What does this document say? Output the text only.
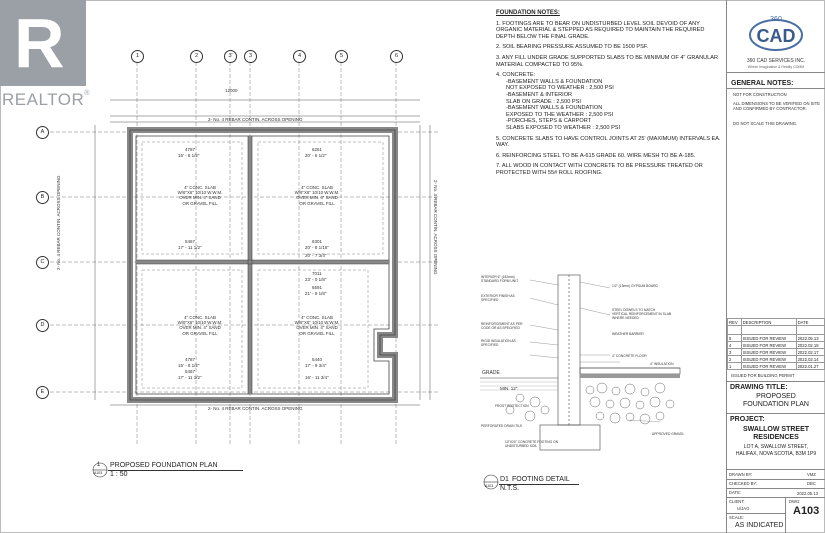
R
REALTOR®
1	2	3'	3	4	5	6
A
B
C
D
E
12000
2- No. 4 REBAR CONTIN. ACROSS OPENING
2- No. 4 REBAR CONTIN. ACROSS OPENING
2- No. 4 REBAR CONTIN. ACROSS OPENING	2- No. 4 REBAR CONTIN. ACROSS OPENING
4787
15' - 8 1/2"
5467
17' - 11 1/2"
6261
20' - 6 1/2"
6301
20' - 8 1/16"
20' - 7 3/4"
4787
15' - 8 1/2"
5467
17' - 11 1/2"
7011
23' - 0 1/8"
6591
21' - 9 1/8"
5440
17' - 9 3/4"
16' - 11 3/4"
4" CONC. SLAB
W/6"X6" 10/10 W.W.M.
OVER MIN. 4" SAND
OR GRAVEL FILL
4" CONC. SLAB
W/6"X6" 10/10 W.W.M.
OVER MIN. 4" SAND
OR GRAVEL FILL
4" CONC. SLAB
W/6"X6" 10/10 W.W.M.
OVER MIN. 4" SAND
OR GRAVEL FILL
4" CONC. SLAB
W/6"X6" 10/10 W.W.M.
OVER MIN. 4" SAND
OR GRAVEL FILL
1
A103
PROPOSED FOUNDATION PLAN
1 : 50
FOUNDATION NOTES:
1. FOOTINGS ARE TO BEAR ON UNDISTURBED LEVEL SOIL DEVOID OF ANY ORGANIC MATERIAL & STEPPED AS REQUIRED TO MAINTAIN THE REQUIRED DEPTH BELOW THE FINAL GRADE.
2. SOIL BEARING PRESSURE ASSUMED TO BE 1500 PSF.
3. ANY FILL UNDER GRADE SUPPORTED SLABS TO BE MINIMUM OF 4" GRANULAR MATERIAL COMPACTED TO 95%.
4. CONCRETE:
-BASEMENT WALLS & FOUNDATION
NOT EXPOSED TO WEATHER : 2,500 PSI
-BASEMENT & INTERIOR
SLAB ON GRADE : 2,500 PSI
-BASEMENT WALLS & FOUNDATION
EXPOSED TO THE WEATHER : 2,500 PSI
-PORCHES, STEPS & CARPORT
SLABS EXPOSED TO WEATHER : 2,500 PSI
5. CONCRETE SLABS TO HAVE CONTROL JOINTS AT 25' (MAXIMUM) INTERVALS EA. WAY.
6. REINFORCING STEEL TO BE A-615 GRADE 60. WIRE MESH TO BE A-185.
7. ALL WOOD IN CONTACT WITH CONCRETE TO BE PRESSURE TREATED OR PROTECTED WITH 55# ROLL ROOFING.
INTERIOR 6" (152mm) STANDARD FORM UNIT
1/2" (13mm) GYPSUM BOARD
EXTERIOR FINISH AS SPECIFIED
STEEL DOWELS TO MATCH VERTICAL REINFORCEMENT IN SLAB WHERE NEEDED
REINFORCEMENT AS PER CODE OR AS SPECIFIED
WEATHER BARRIER
RIGID INSULATION AS SPECIFIED
4" CONCRETE FLOOR
4" INSULATION
GRADE
MIN. 12"
FROST PROTECTION
PERFORATED DRAIN TILE
APPROVED GRAVEL
10"X20" CONCRETE FOOTING ON UNDISTURBED SOIL
A103
D1 FOOTING DETAIL
N.T.S.
360
CAD
360 CAD SERVICES INC.
Where Imagination & Reality COMM
GENERAL NOTES:
NOT FOR CONSTRUCTION
ALL DIMENSIONS TO BE VERIFIED ON SITE AND CONFIRMED BY CONTRACTOR.
DO NOT SCALE THIS DRAWING.
REV	DESCRIPTION	DATE

5	ISSUED FOR REVIEW	2022.05.13
4	ISSUED FOR REVIEW	2022.02.18
3	ISSUED FOR REVIEW	2022.02.17
2	ISSUED FOR REVIEW	2022.02.14
1	ISSUED FOR REVIEW	2022.01.27
ISSUED FOR BUILDING PERMIT
DRAWING TITLE:
PROPOSED FOUNDATION PLAN
PROJECT:
SWALLOW STREET RESIDENCES
LOT A, SWALLOW STREET,
HALIFAX, NOVA SCOTIA, B3M 1P9
DRAWN BY:	VMZ
CHECKED BY:	DBC
DATE:	2022.05.13
CLIENT:
U/JAG
DWG:
A103
SCALE:
AS INDICATED
